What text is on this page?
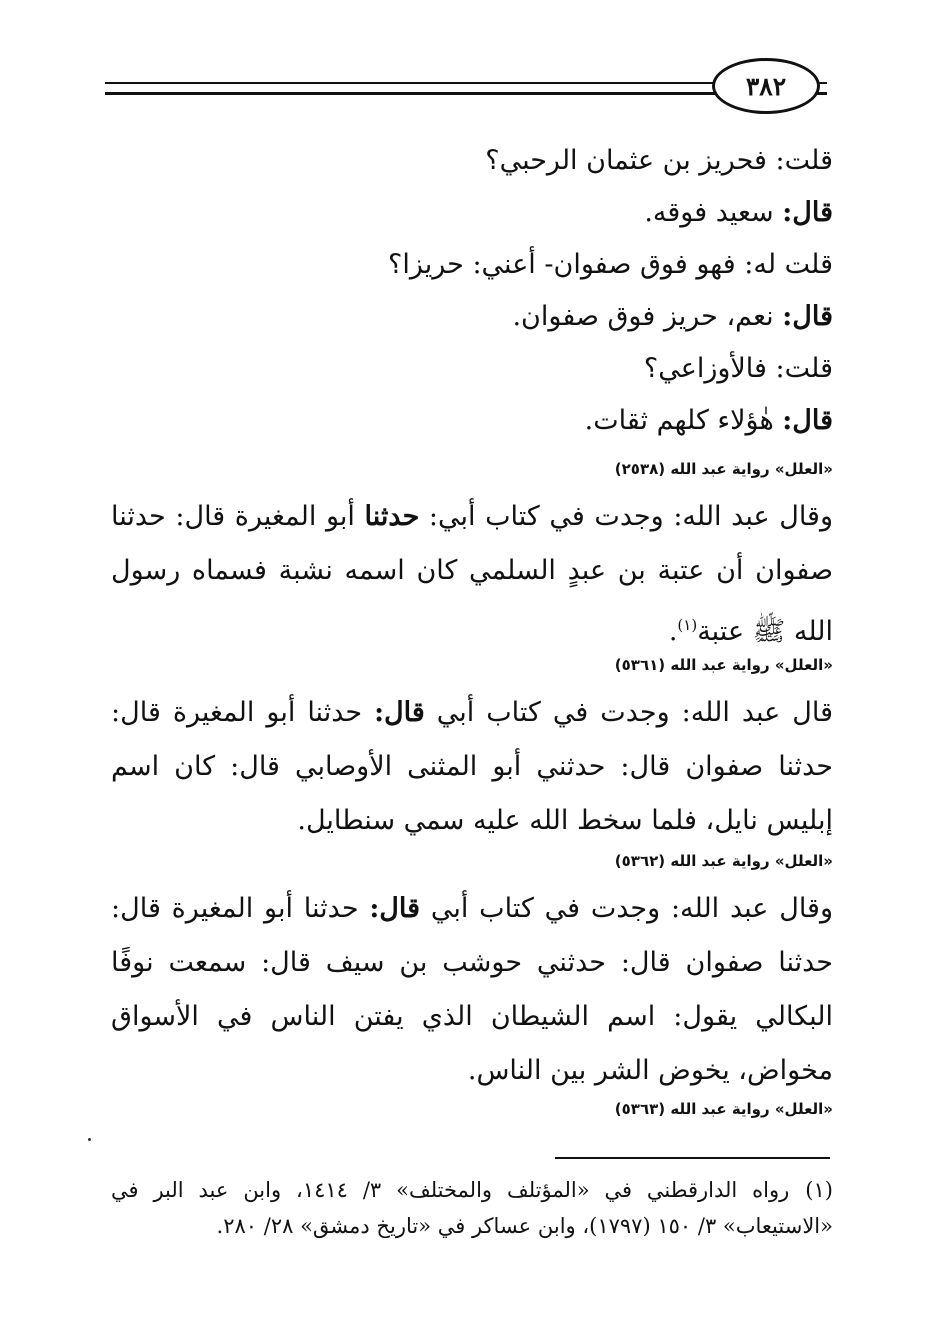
٣٨٢
قلت: فحريز بن عثمان الرحبي؟
قال: سعيد فوقه.
قلت له: فهو فوق صفوان- أعني: حريزا؟
قال: نعم، حريز فوق صفوان.
قلت: فالأوزاعي؟
قال: هٰؤلاء كلهم ثقات.
«العلل» رواية عبد الله (٢٥٣٨)
وقال عبد الله: وجدت في كتاب أبي: حدثنا أبو المغيرة قال: حدثنا صفوان أن عتبة بن عبدٍ السلمي كان اسمه نشبة فسماه رسول الله ﷺ عتبة$^{(١)}$.
«العلل» رواية عبد الله (٥٣٦١)
قال عبد الله: وجدت في كتاب أبي قال: حدثنا أبو المغيرة قال: حدثنا صفوان قال: حدثني أبو المثنى الأوصابي قال: كان اسم إبليس نايل، فلما سخط الله عليه سمي سنطايل.
«العلل» رواية عبد الله (٥٣٦٢)
وقال عبد الله: وجدت في كتاب أبي قال: حدثنا أبو المغيرة قال: حدثنا صفوان قال: حدثني حوشب بن سيف قال: سمعت نوفًا البكالي يقول: اسم الشيطان الذي يفتن الناس في الأسواق مخواض، يخوض الشر بين الناس.
«العلل» رواية عبد الله (٥٣٦٣)
(١)رواه الدارقطني في «المؤتلف والمختلف» ٣/ ١٤١٤، وابن عبد البر في «الاستيعاب» ٣/ ١٥٠ (١٧٩٧)، وابن عساكر في «تاريخ دمشق» ٢٨/ ٢٨٠.
